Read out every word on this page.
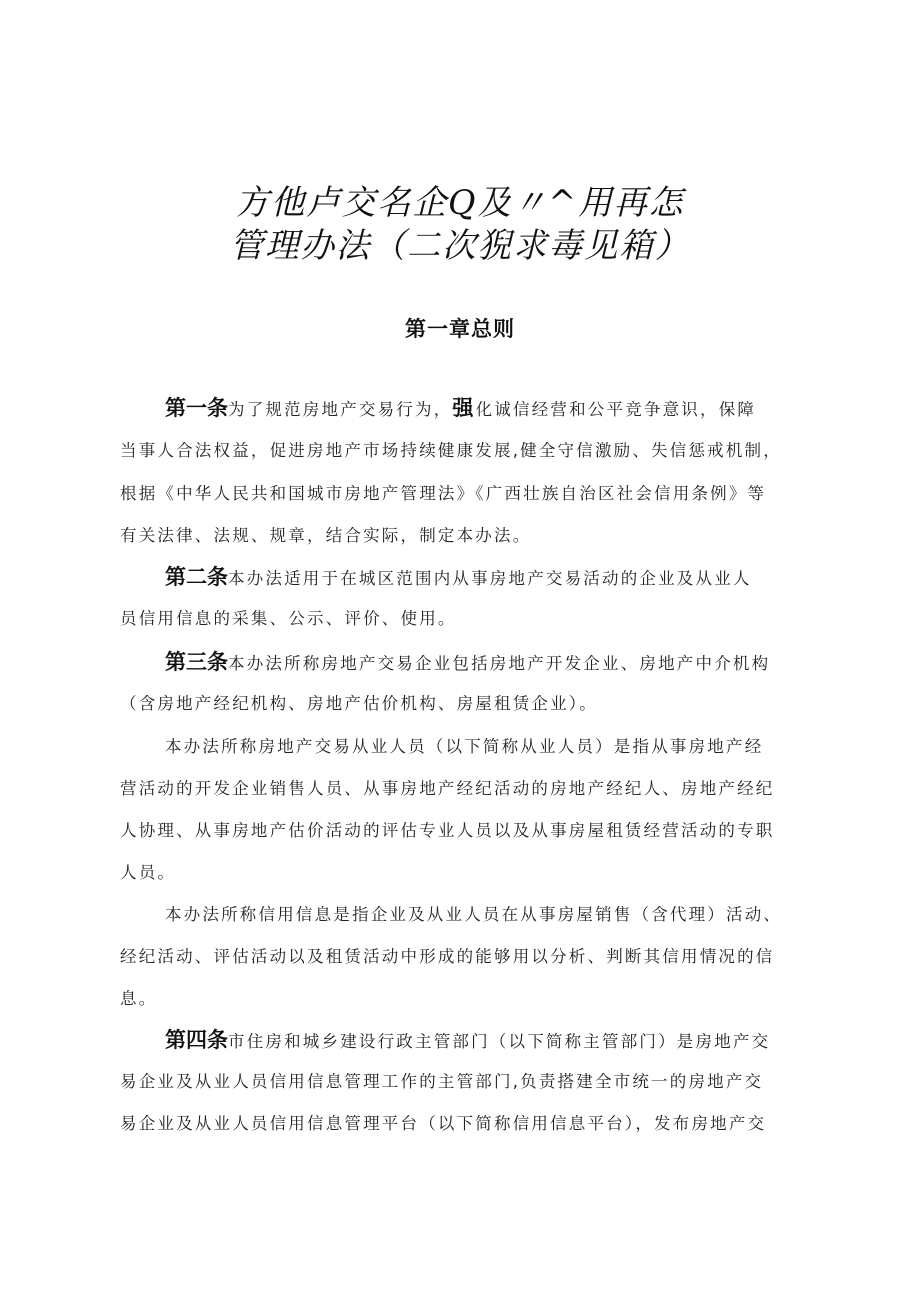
方他卢交名企Q及〃^用再怎
管理办法（二次猊求毒见箱）
第一章总则
第一条为了规范房地产交易行为，强化诚信经营和公平竞争意识，保障
当事人合法权益，促进房地产市场持续健康发展,健全守信激励、失信惩戒机制，
根据《中华人民共和国城市房地产管理法》《广西壮族自治区社会信用条例》等
有关法律、法规、规章，结合实际，制定本办法。
第二条本办法适用于在城区范围内从事房地产交易活动的企业及从业人
员信用信息的采集、公示、评价、使用。
第三条本办法所称房地产交易企业包括房地产开发企业、房地产中介机构
（含房地产经纪机构、房地产估价机构、房屋租赁企业）。
本办法所称房地产交易从业人员（以下简称从业人员）是指从事房地产经
营活动的开发企业销售人员、从事房地产经纪活动的房地产经纪人、房地产经纪
人协理、从事房地产估价活动的评估专业人员以及从事房屋租赁经营活动的专职
人员。
本办法所称信用信息是指企业及从业人员在从事房屋销售（含代理）活动、
经纪活动、评估活动以及租赁活动中形成的能够用以分析、判断其信用情况的信
息。
第四条市住房和城乡建设行政主管部门（以下简称主管部门）是房地产交
易企业及从业人员信用信息管理工作的主管部门,负责搭建全市统一的房地产交
易企业及从业人员信用信息管理平台（以下简称信用信息平台），发布房地产交
